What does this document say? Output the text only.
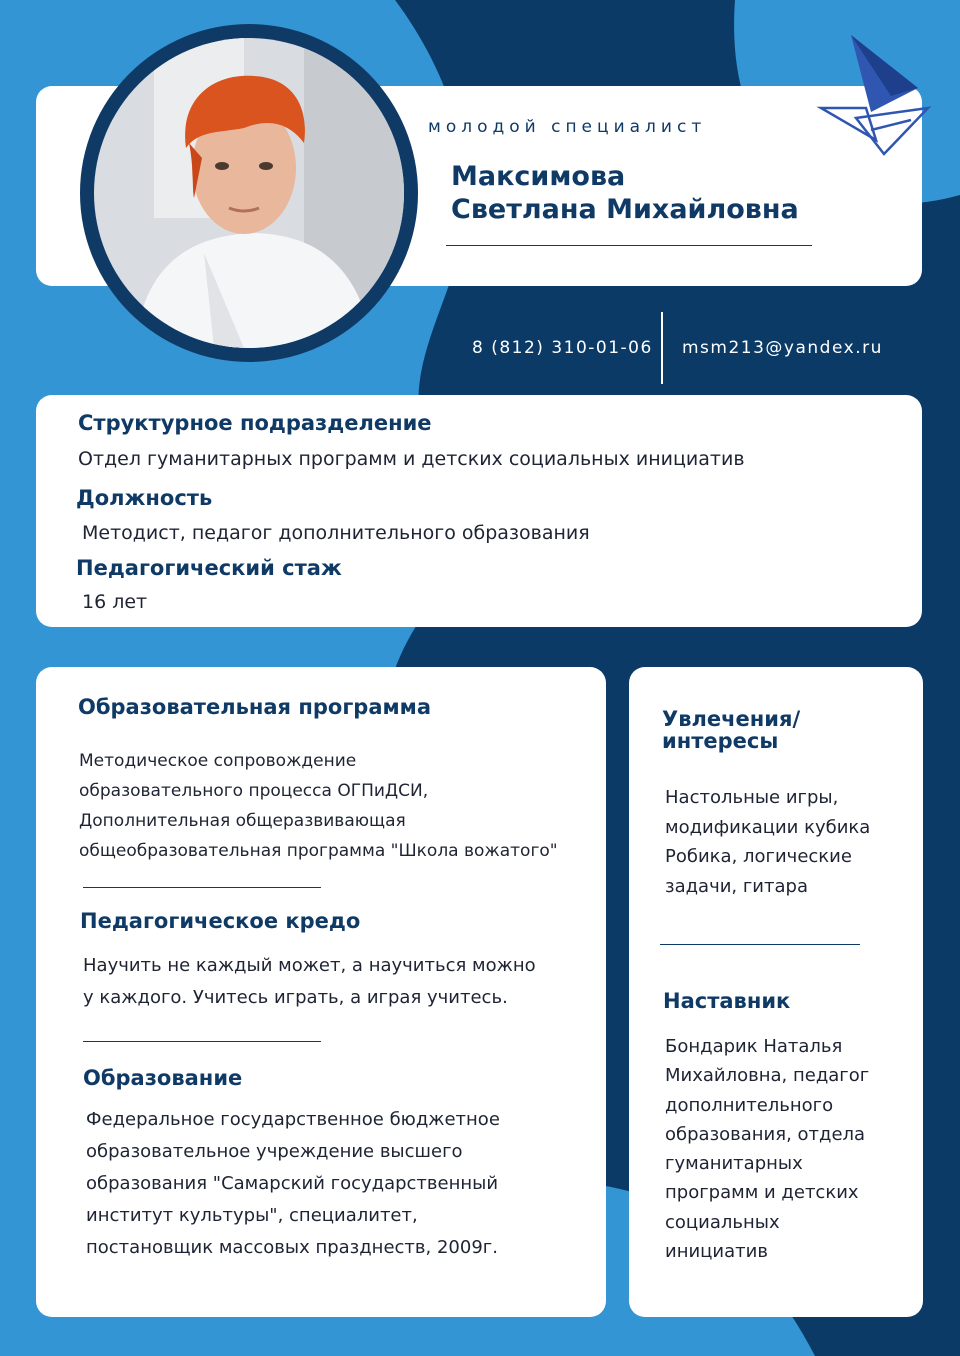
молодой специалист
Максимова
Светлана Михайловна
8 (812) 310-01-06 msm213@yandex.ru
Структурное подразделение
Отдел гуманитарных программ и детских социальных инициатив
Должность
Методист, педагог дополнительного образования
Педагогический стаж
16 лет
Образовательная программа
Методическое сопровождение
образовательного процесса ОГПиДСИ,
Дополнительная общеразвивающая
общеобразовательная программа "Школа вожатого"
Педагогическое кредо
Научить не каждый может, а научиться можно
у каждого. Учитесь играть, а играя учитесь.
Образование
Федеральное государственное бюджетное
образовательное учреждение высшего
образования "Самарский государственный
институт культуры", специалитет,
постановщик массовых празднеств, 2009г.
Увлечения/
интересы
Настольные игры,
модификации кубика
Робика, логические
задачи, гитара
Наставник
Бондарик Наталья
Михайловна, педагог
дополнительного
образования, отдела
гуманитарных
программ и детских
социальных
инициатив
